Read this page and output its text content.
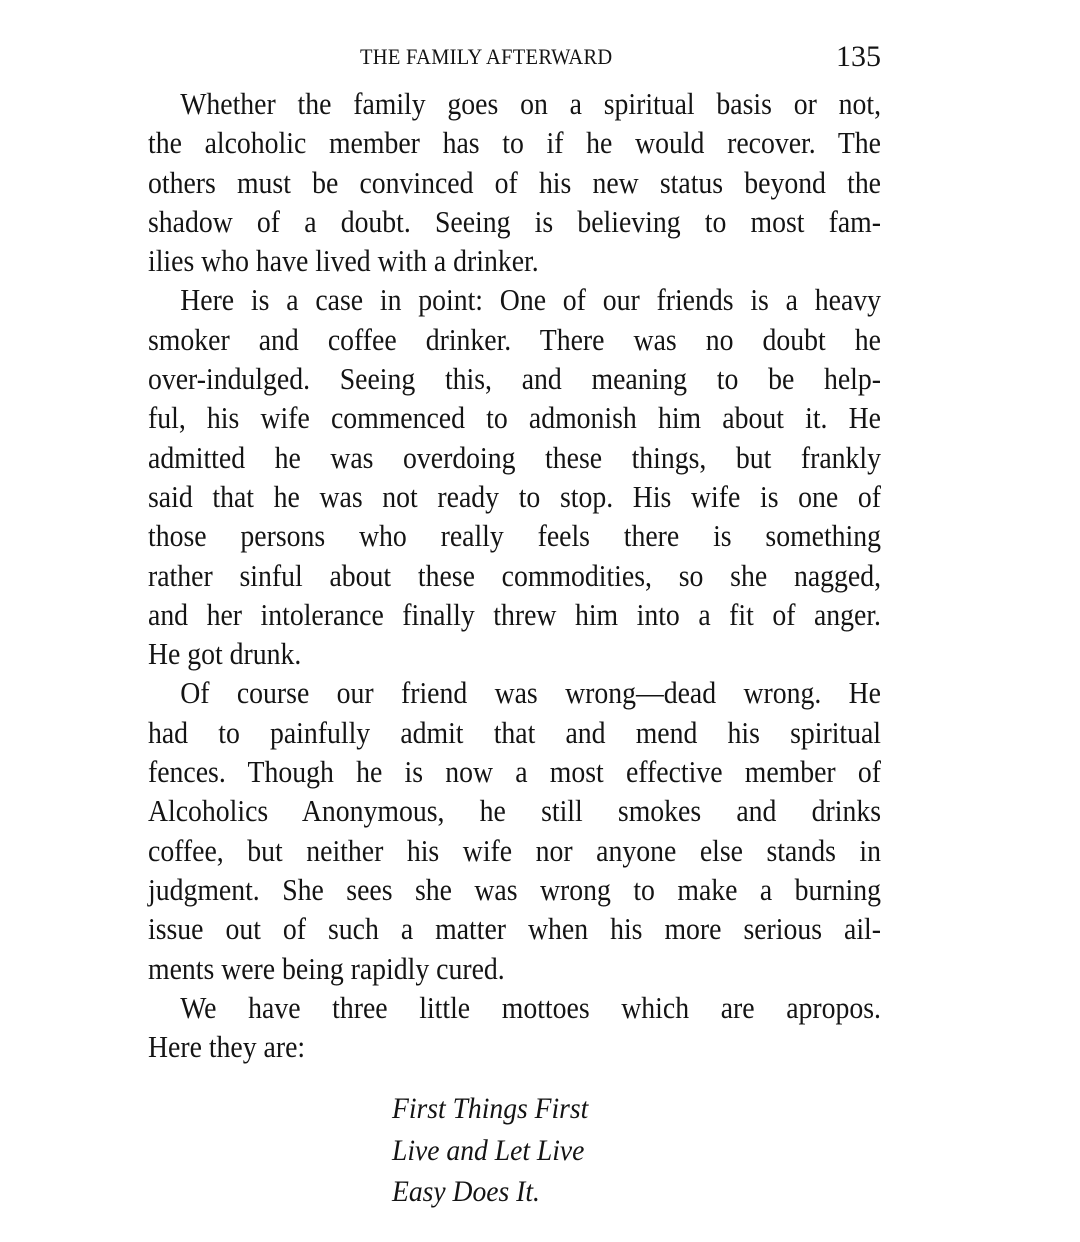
THE FAMILY AFTERWARD	135
Whether the family goes on a spiritual basis or not,
the alcoholic member has to if he would recover. The
others must be convinced of his new status beyond the
shadow of a doubt. Seeing is believing to most fam-
ilies who have lived with a drinker.
Here is a case in point: One of our friends is a heavy
smoker and coffee drinker. There was no doubt he
over-indulged. Seeing this, and meaning to be help-
ful, his wife commenced to admonish him about it. He
admitted he was overdoing these things, but frankly
said that he was not ready to stop. His wife is one of
those persons who really feels there is something
rather sinful about these commodities, so she nagged,
and her intolerance finally threw him into a fit of anger.
He got drunk.
Of course our friend was wrong—dead wrong. He
had to painfully admit that and mend his spiritual
fences. Though he is now a most effective member of
Alcoholics Anonymous, he still smokes and drinks
coffee, but neither his wife nor anyone else stands in
judgment. She sees she was wrong to make a burning
issue out of such a matter when his more serious ail-
ments were being rapidly cured.
We have three little mottoes which are apropos.
Here they are:
First Things First
Live and Let Live
Easy Does It.
